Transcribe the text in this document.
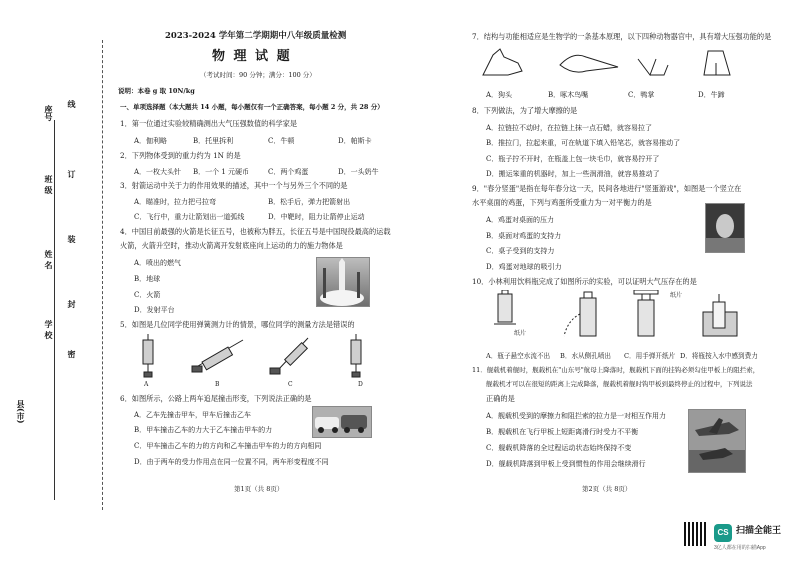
县(市)
学 校
姓 名
班 级
座号
密
封
装
订
线
2023-2024 学年第二学期期中八年级质量检测
物 理 试 题
（考试时间：90 分钟；满分：100 分）
说明：本卷 g 取 10N/kg
一、单项选择题（本大题共 14 小题，每小题仅有一个正确答案，每小题 2 分，共 28 分）
1．第一位通过实验较精确测出大气压强数值的科学家是
A．伽利略	B．托里拆利	C．牛顿	D．帕斯卡
2．下列物体受到的重力约为 1N 的是
A．一枚大头针 B．一个 1 元硬币	C．两个鸡蛋	D．一头奶牛
3．射箭运动中关于力的作用效果的描述，其中一个与另外三个不同的是
A．瞄准时，拉力把弓拉弯	B．松手后，弹力把箭射出
C．飞行中，重力让箭划出一道弧线	D．中靶时，阻力让箭停止运动
4．中国目前最强的火箭是长征五号，也被称为胖五，长征五号是中国现役最高的运载
火箭，火箭升空时，推动火箭离开发射底座向上运动的力的施力物体是
A．喷出的燃气
B．地球
C．火箭
D．发射平台
5．如图是几位同学使用弹簧测力计的情景，哪位同学的测量方法是错误的
A	B	C	D
6．如图所示，公路上两车追尾撞击形变，下列说法正确的是
A．乙车先撞击甲车，甲车后撞击乙车
B．甲车撞击乙车的力大于乙车撞击甲车的力
C．甲车撞击乙车的力的方向和乙车撞击甲车的力的方向相同
D．由于两车的受力作用点在同一位置不同，两车形变程度不同
第1页（共 8页）
7．结构与功能相适应是生物学的一条基本原理，以下四种动物器官中，具有增大压强功能的是
A．狗头	B．啄木鸟嘴	C．鸭掌	D．牛蹄
8．下列做法，为了增大摩擦的是
A．拉链拉不动时，在拉链上抹一点石蜡，就容易拉了
B．推拉门，拉起来重，可在轨道下填入铅笔芯，就容易推动了
C．瓶子拧不开时，在瓶盖上包一块毛巾，就容易拧开了
D．搬运笨重的机器时，加上一些润滑油，就容易推动了
9．"春分竖蛋"是指在每年春分这一天，民间各地进行"竖蛋游戏"，如图是一个竖立在
水平桌面的鸡蛋，下列与鸡蛋所受重力为一对平衡力的是
A．鸡蛋对桌面的压力
B．桌面对鸡蛋的支持力
C．桌子受到的支持力
D．鸡蛋对地球的吸引力
10．小林利用饮料瓶完成了如图所示的实验，可以证明大气压存在的是
纸片
纸片
A．瓶子悬空水流不出 B．水从侧孔喷出 C．用手弹开纸片 D．将瓶按入水中感到费力
11．舰载机着舰时，舰载机在"山东号"航母上降落时，舰载机下面的挂钩必须勾住甲板上的阻拦索，
舰载机才可以在很短的距离上完成降落，舰载机着舰时钩甲板到最终停止的过程中，下列说法
正确的是
A．舰载机受到的摩擦力和阻拦索的拉力是一对相互作用力
B．舰载机在飞行甲板上短距离滑行时受力不平衡
C．舰载机降落的全过程运动状态始终保持不变
D．舰载机降落到甲板上受到惯性的作用会继续滑行
第2页（共 8页）
CS 扫描全能王
3亿人都在用的扫描App
